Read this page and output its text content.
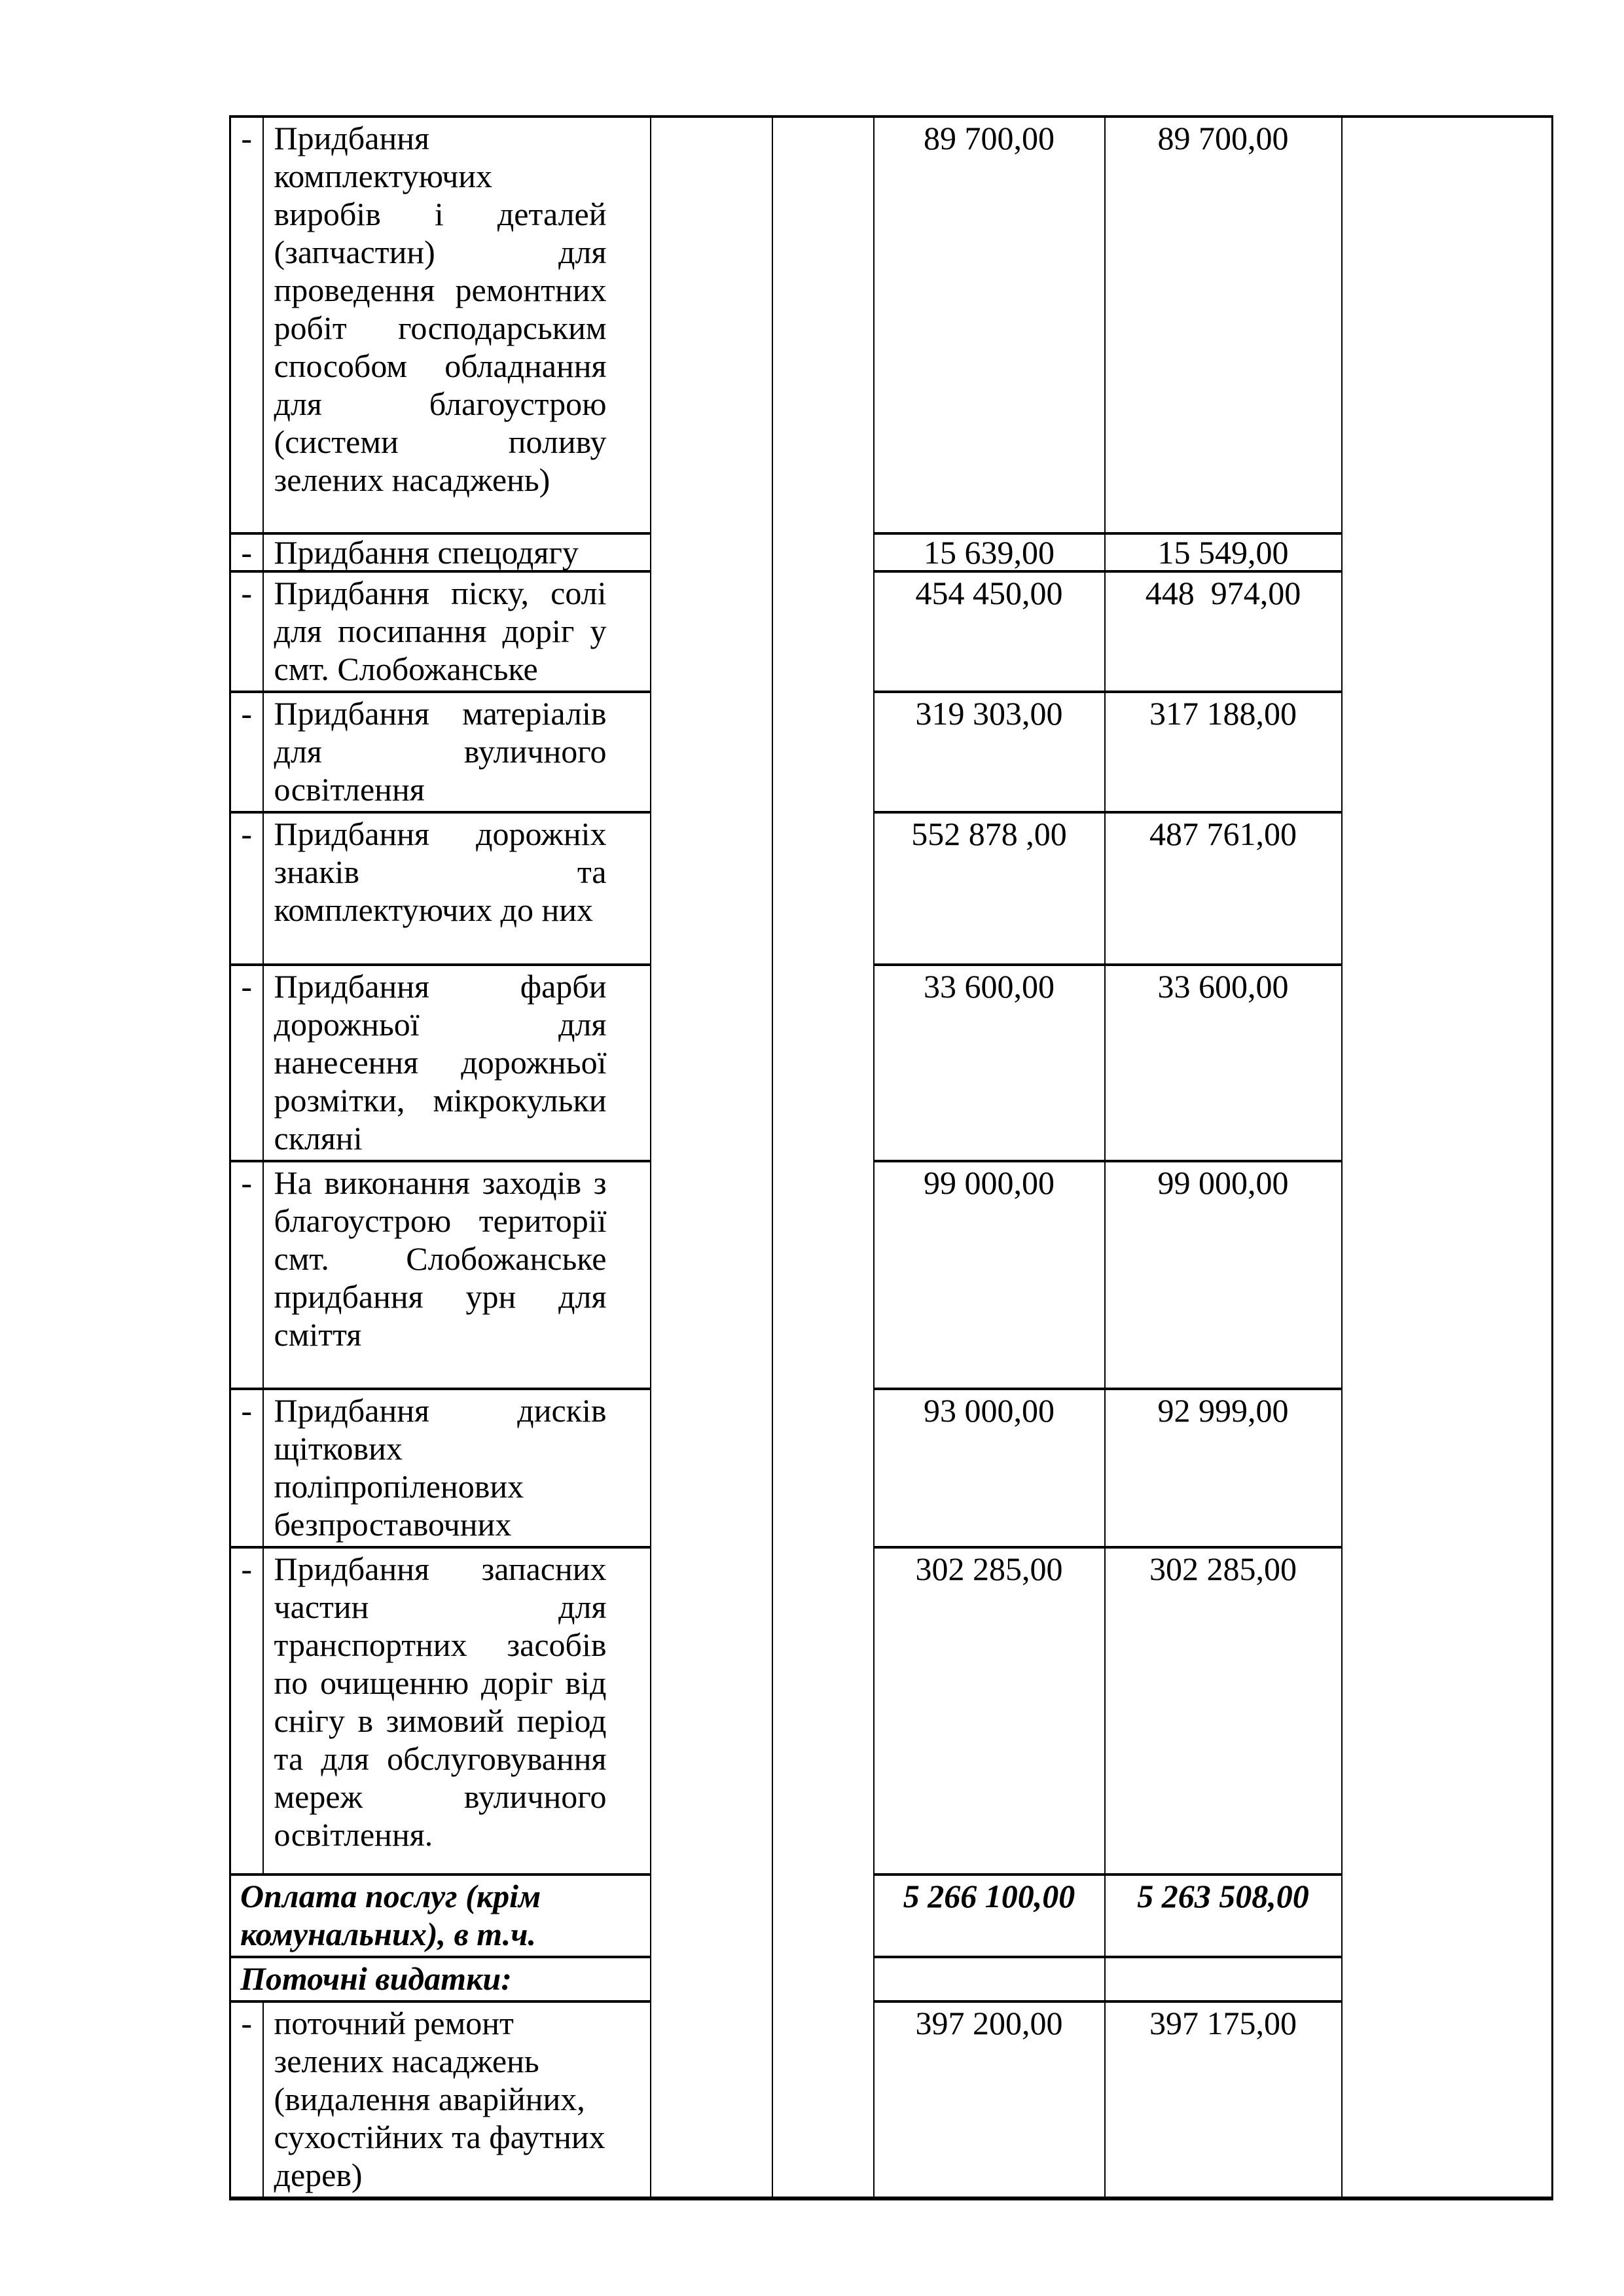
-	Придбання комплектуючих виробів і деталей (запчастин) для проведення ремонтних робіт господарським способом обладнання для благоустрою (системи поливу зелених насаджень)			89 700,00	89 700,00	
-	Придбання спецодягу			15 639,00	15 549,00	
-	Придбання піску, солі для посипання доріг у смт. Слобожанське			454 450,00	448  974,00	
-	Придбання матеріалів для вуличного освітлення			319 303,00	317 188,00	
-	Придбання дорожніх знаків та комплектуючих до них			552 878 ,00	487 761,00	
-	Придбання фарби дорожньої для нанесення дорожньої розмітки, мікрокульки скляні			33 600,00	33 600,00	
-	На виконання заходів з благоустрою території смт. Слобожанське придбання урн для сміття			99 000,00	99 000,00	
-	Придбання дисків щіткових поліпропіленових безпроставочних			93 000,00	92 999,00	
-	Придбання запасних частин для транспортних засобів по очищенню доріг від снігу в зимовий період та для обслуговування мереж вуличного освітлення.			302 285,00	302 285,00	
Оплата послуг (крім комунальних), в т.ч.				5 266 100,00	5 263 508,00	
Поточні видатки:						
-	поточний ремонт зелених насаджень (видалення аварійних, сухостійних та фаутних дерев)			397 200,00	397 175,00	
